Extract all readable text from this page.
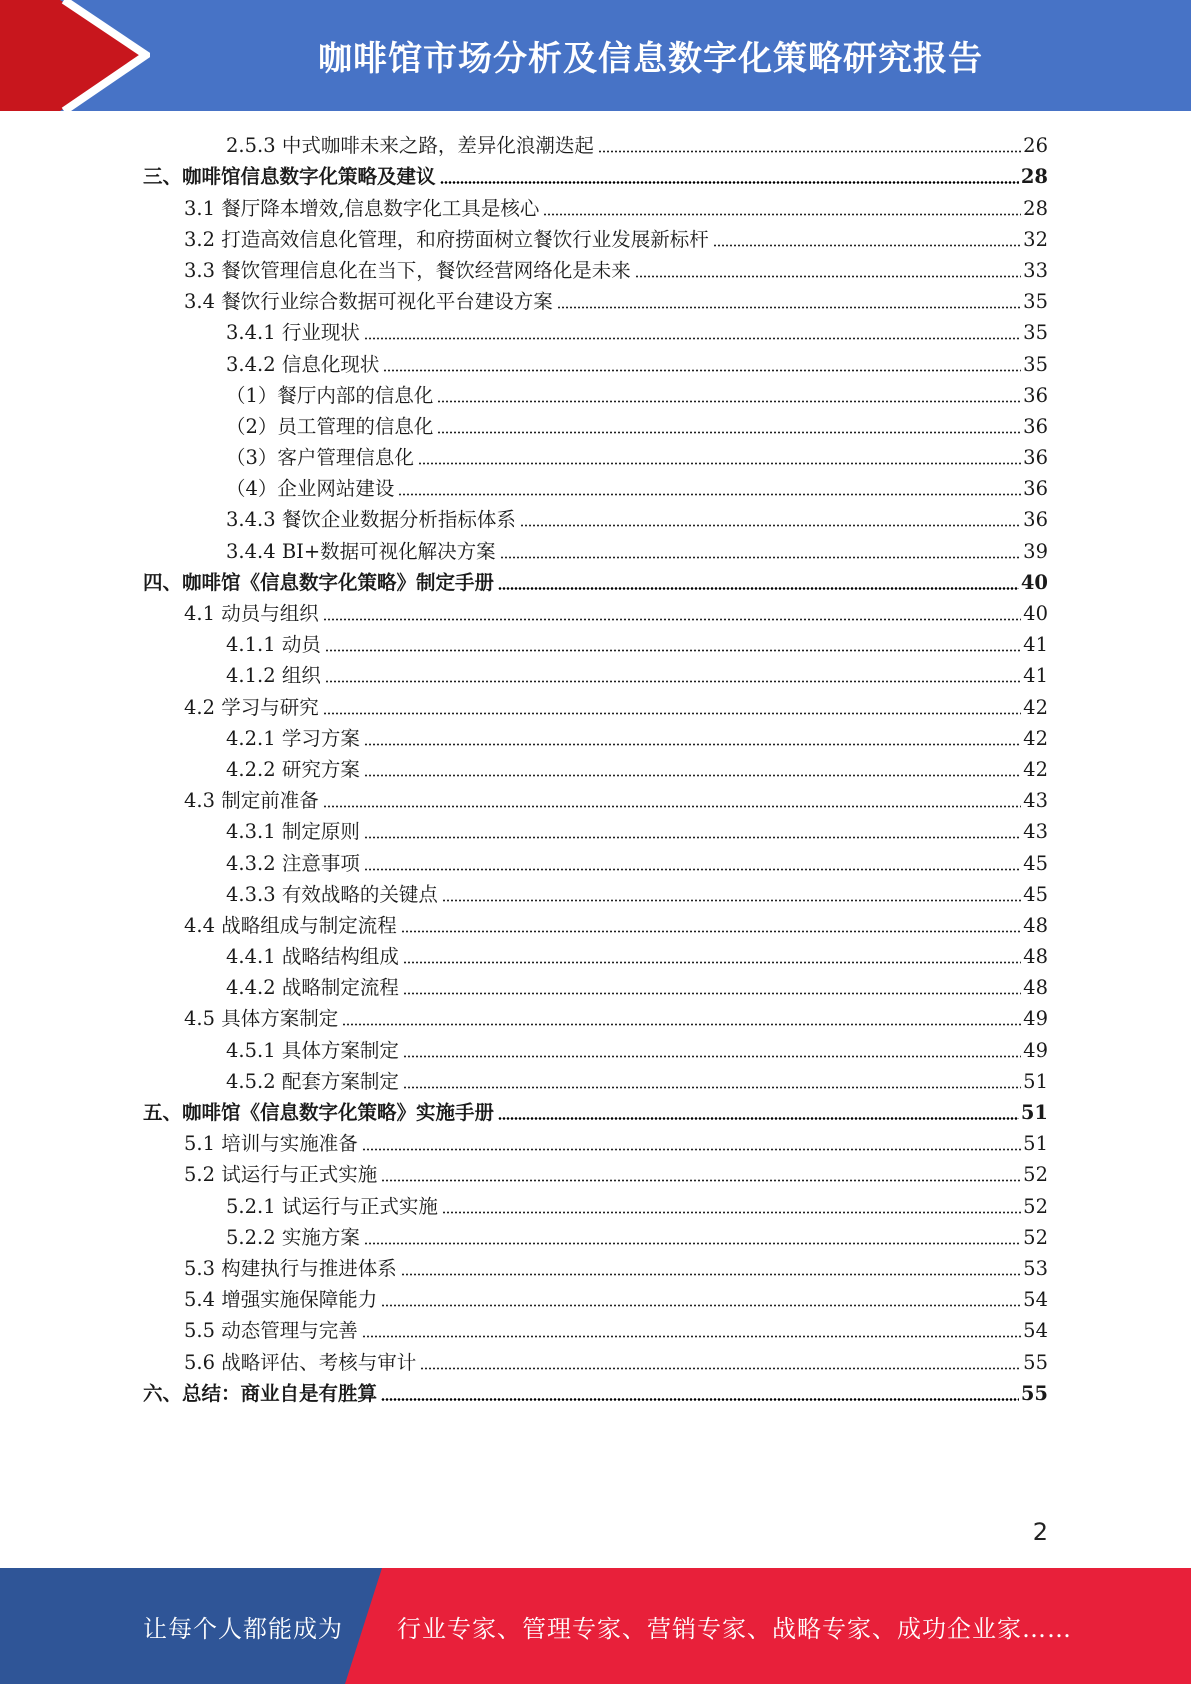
咖啡馆市场分析及信息数字化策略研究报告
2.5.3 中式咖啡未来之路，差异化浪潮迭起	26
三、咖啡馆信息数字化策略及建议	28
3.1 餐厅降本增效,信息数字化工具是核心	28
3.2 打造高效信息化管理，和府捞面树立餐饮行业发展新标杆	32
3.3 餐饮管理信息化在当下，餐饮经营网络化是未来	33
3.4 餐饮行业综合数据可视化平台建设方案	35
3.4.1 行业现状	35
3.4.2 信息化现状	35
（1）餐厅内部的信息化	36
（2）员工管理的信息化	36
（3）客户管理信息化	36
（4）企业网站建设	36
3.4.3 餐饮企业数据分析指标体系	36
3.4.4 BI+数据可视化解决方案	39
四、咖啡馆《信息数字化策略》制定手册	40
4.1 动员与组织	40
4.1.1 动员	41
4.1.2 组织	41
4.2 学习与研究	42
4.2.1 学习方案	42
4.2.2 研究方案	42
4.3 制定前准备	43
4.3.1 制定原则	43
4.3.2 注意事项	45
4.3.3 有效战略的关键点	45
4.4 战略组成与制定流程	48
4.4.1 战略结构组成	48
4.4.2 战略制定流程	48
4.5 具体方案制定	49
4.5.1 具体方案制定	49
4.5.2 配套方案制定	51
五、咖啡馆《信息数字化策略》实施手册	51
5.1 培训与实施准备	51
5.2 试运行与正式实施	52
5.2.1 试运行与正式实施	52
5.2.2 实施方案	52
5.3 构建执行与推进体系	53
5.4 增强实施保障能力	54
5.5 动态管理与完善	54
5.6 战略评估、考核与审计	55
六、总结：商业自是有胜算	55
2
让每个人都能成为 行业专家、管理专家、营销专家、战略专家、成功企业家……
